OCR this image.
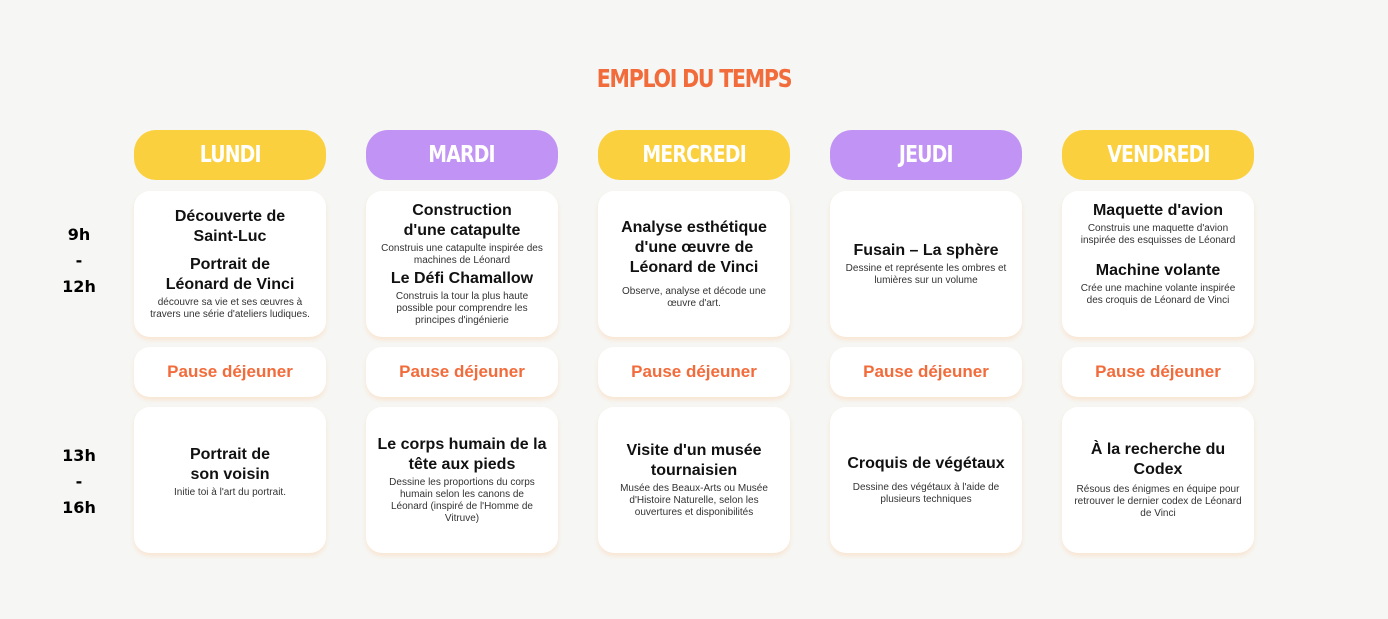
EMPLOI DU TEMPS
9h
-
12h
13h
-
16h
LUNDI
Découverte de Saint-Luc
Portrait de Léonard de Vinci
découvre sa vie et ses œuvres à travers une série d'ateliers ludiques.
Pause déjeuner
Portrait de son voisin
Initie toi à l'art du portrait.
MARDI
Construction d'une catapulte
Construis une catapulte inspirée des machines de Léonard
Le Défi Chamallow
Construis la tour la plus haute possible pour comprendre les principes d'ingénierie
Pause déjeuner
Le corps humain de la tête aux pieds
Dessine les proportions du corps humain selon les canons de Léonard (inspiré de l'Homme de Vitruve)
MERCREDI
Analyse esthétique d'une œuvre de Léonard de Vinci
Observe, analyse et décode une œuvre d'art.
Pause déjeuner
Visite d'un musée tournaisien
Musée des Beaux-Arts ou Musée d'Histoire Naturelle, selon les ouvertures et disponibilités
JEUDI
Fusain – La sphère
Dessine et représente les ombres et lumières sur un volume
Pause déjeuner
Croquis de végétaux
Dessine des végétaux à l'aide de plusieurs techniques
VENDREDI
Maquette d'avion
Construis une maquette d'avion inspirée des esquisses de Léonard
Machine volante
Crée une machine volante inspirée des croquis de Léonard de Vinci
Pause déjeuner
À la recherche du Codex
Résous des énigmes en équipe pour retrouver le dernier codex de Léonard de Vinci
